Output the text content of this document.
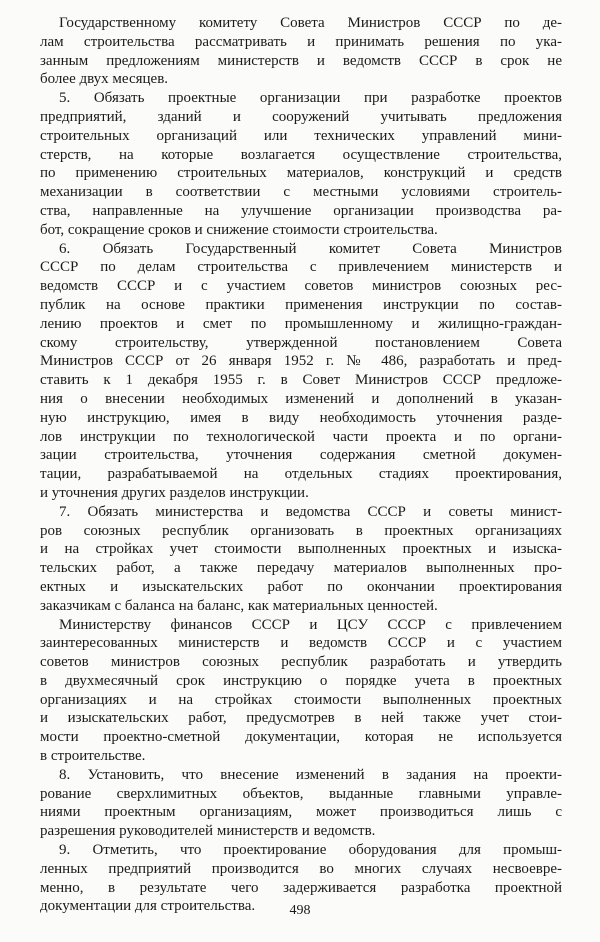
Государственному комитету Совета Министров СССР по де-
лам строительства рассматривать и принимать решения по ука-
занным предложениям министерств и ведомств СССР в срок не
более двух месяцев.
5. Обязать проектные организации при разработке проектов
предприятий, зданий и сооружений учитывать предложения
строительных организаций или технических управлений мини-
стерств, на которые возлагается осуществление строительства,
по применению строительных материалов, конструкций и средств
механизации в соответствии с местными условиями строитель-
ства, направленные на улучшение организации производства ра-
бот, сокращение сроков и снижение стоимости строительства.
6. Обязать Государственный комитет Совета Министров
СССР по делам строительства с привлечением министерств и
ведомств СССР и с участием советов министров союзных рес-
публик на основе практики применения инструкции по состав-
лению проектов и смет по промышленному и жилищно-граждан-
скому строительству, утвержденной постановлением Совета
Министров СССР от 26 января 1952 г. № 486, разработать и пред-
ставить к 1 декабря 1955 г. в Совет Министров СССР предложе-
ния о внесении необходимых изменений и дополнений в указан-
ную инструкцию, имея в виду необходимость уточнения разде-
лов инструкции по технологической части проекта и по органи-
зации строительства, уточнения содержания сметной докумен-
тации, разрабатываемой на отдельных стадиях проектирования,
и уточнения других разделов инструкции.
7. Обязать министерства и ведомства СССР и советы минист-
ров союзных республик организовать в проектных организациях
и на стройках учет стоимости выполненных проектных и изыска-
тельских работ, а также передачу материалов выполненных про-
ектных и изыскательских работ по окончании проектирования
заказчикам с баланса на баланс, как материальных ценностей.
Министерству финансов СССР и ЦСУ СССР с привлечением
заинтересованных министерств и ведомств СССР и с участием
советов министров союзных республик разработать и утвердить
в двухмесячный срок инструкцию о порядке учета в проектных
организациях и на стройках стоимости выполненных проектных
и изыскательских работ, предусмотрев в ней также учет стои-
мости проектно-сметной документации, которая не используется
в строительстве.
8. Установить, что внесение изменений в задания на проекти-
рование сверхлимитных объектов, выданные главными управле-
ниями проектным организациям, может производиться лишь с
разрешения руководителей министерств и ведомств.
9. Отметить, что проектирование оборудования для промыш-
ленных предприятий производится во многих случаях несвоевре-
менно, в результате чего задерживается разработка проектной
документации для строительства.	498
